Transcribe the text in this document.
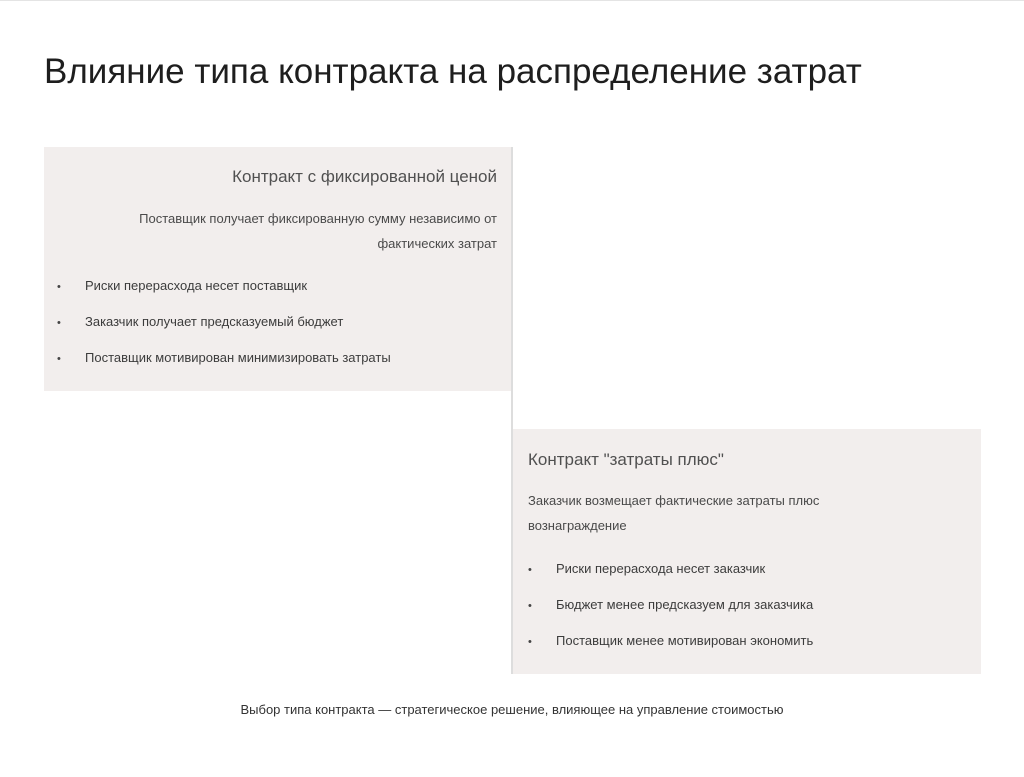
Влияние типа контракта на распределение затрат
Контракт с фиксированной ценой
Поставщик получает фиксированную сумму независимо от фактических затрат
• Риски перерасхода несет поставщик
• Заказчик получает предсказуемый бюджет
• Поставщик мотивирован минимизировать затраты
Контракт "затраты плюс"
Заказчик возмещает фактические затраты плюс вознаграждение
• Риски перерасхода несет заказчик
• Бюджет менее предсказуем для заказчика
• Поставщик менее мотивирован экономить
Выбор типа контракта — стратегическое решение, влияющее на управление стоимостью
